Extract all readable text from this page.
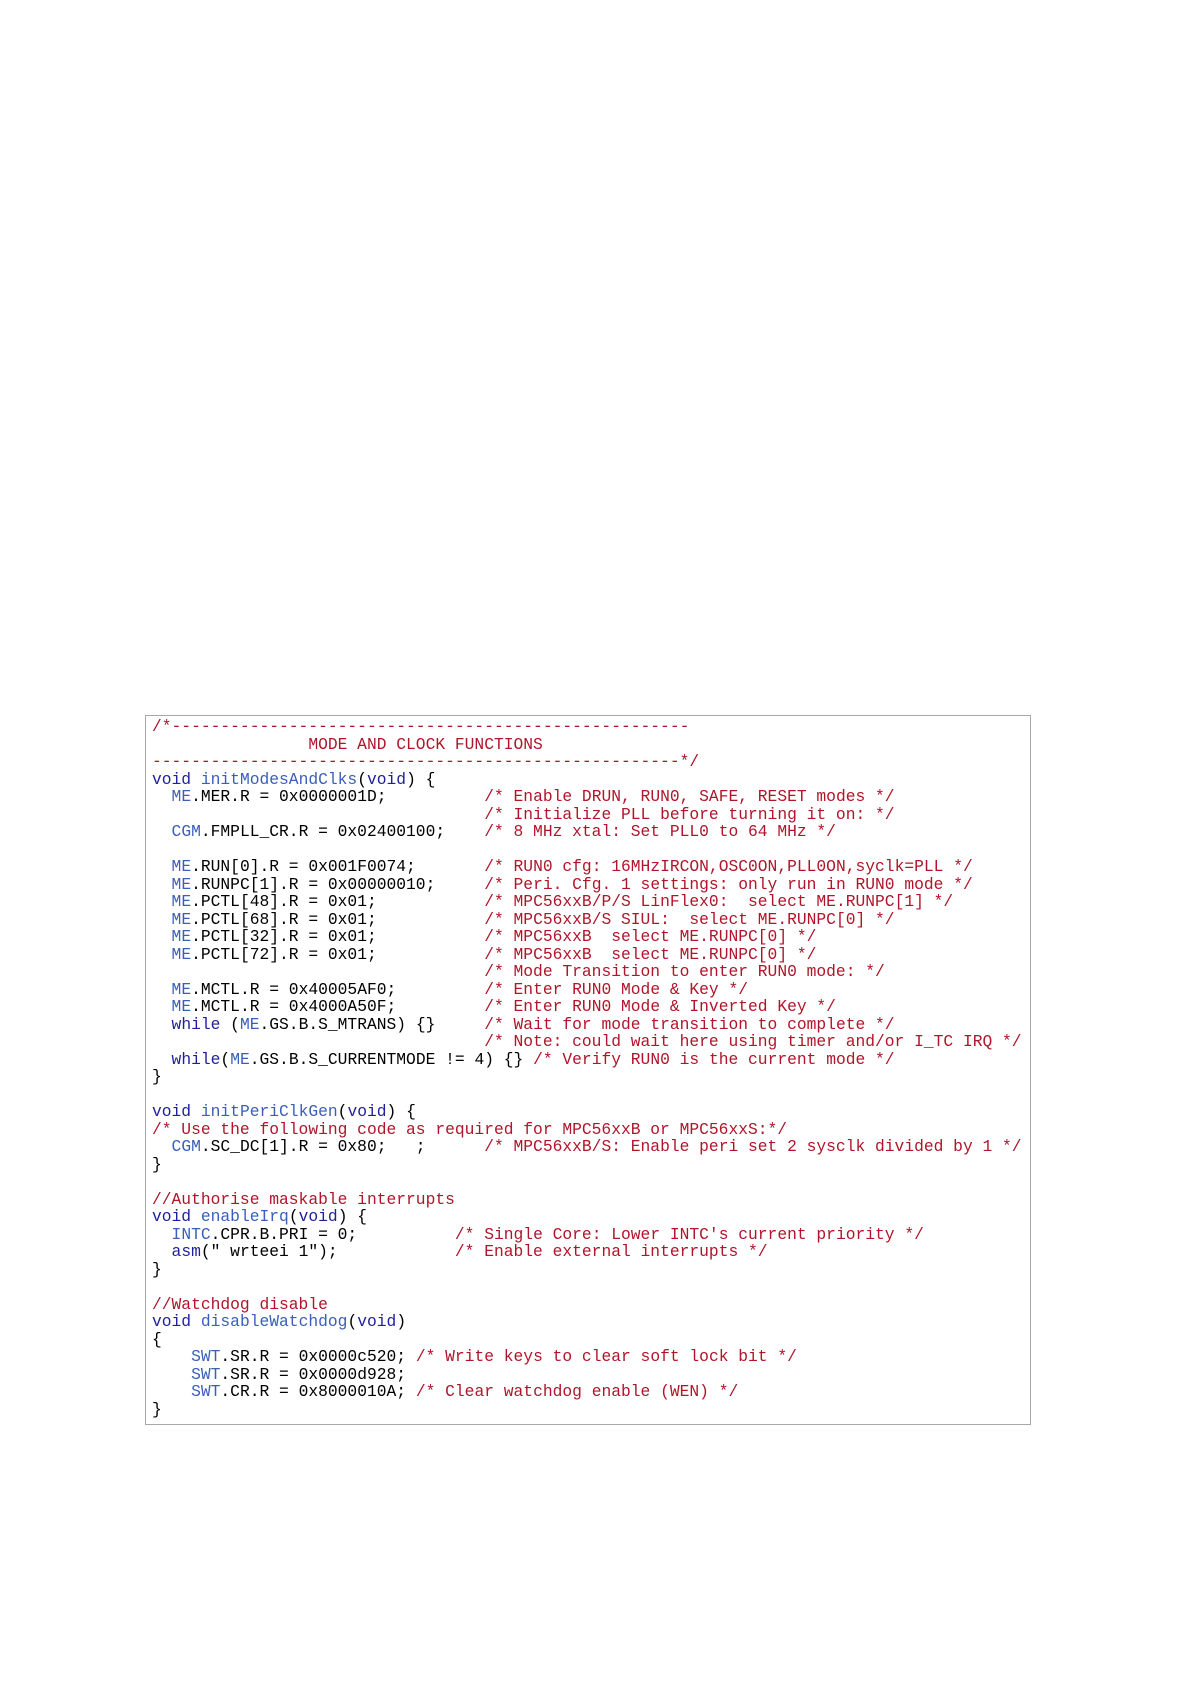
/*-----------------------------------------------------
MODE AND CLOCK FUNCTIONS
------------------------------------------------------*/
void initModesAndClks(void) {
ME.MER.R = 0x0000001D;          /* Enable DRUN, RUN0, SAFE, RESET modes */
/* Initialize PLL before turning it on: */
CGM.FMPLL_CR.R = 0x02400100;    /* 8 MHz xtal: Set PLL0 to 64 MHz */
ME.RUN[0].R = 0x001F0074;       /* RUN0 cfg: 16MHzIRCON,OSC0ON,PLL0ON,syclk=PLL */
ME.RUNPC[1].R = 0x00000010;     /* Peri. Cfg. 1 settings: only run in RUN0 mode */
ME.PCTL[48].R = 0x01;           /* MPC56xxB/P/S LinFlex0:  select ME.RUNPC[1] */
ME.PCTL[68].R = 0x01;           /* MPC56xxB/S SIUL:  select ME.RUNPC[0] */
ME.PCTL[32].R = 0x01;           /* MPC56xxB  select ME.RUNPC[0] */
ME.PCTL[72].R = 0x01;           /* MPC56xxB  select ME.RUNPC[0] */
/* Mode Transition to enter RUN0 mode: */
ME.MCTL.R = 0x40005AF0;         /* Enter RUN0 Mode & Key */
ME.MCTL.R = 0x4000A50F;         /* Enter RUN0 Mode & Inverted Key */
while (ME.GS.B.S_MTRANS) {}     /* Wait for mode transition to complete */
/* Note: could wait here using timer and/or I_TC IRQ */
while(ME.GS.B.S_CURRENTMODE != 4) {} /* Verify RUN0 is the current mode */
}
void initPeriClkGen(void) {
/* Use the following code as required for MPC56xxB or MPC56xxS:*/
CGM.SC_DC[1].R = 0x80;   ;      /* MPC56xxB/S: Enable peri set 2 sysclk divided by 1 */
}
//Authorise maskable interrupts
void enableIrq(void) {
INTC.CPR.B.PRI = 0;          /* Single Core: Lower INTC's current priority */
asm(" wrteei 1");            /* Enable external interrupts */
}
//Watchdog disable
void disableWatchdog(void)
{
SWT.SR.R = 0x0000c520; /* Write keys to clear soft lock bit */
SWT.SR.R = 0x0000d928;
SWT.CR.R = 0x8000010A; /* Clear watchdog enable (WEN) */
}
